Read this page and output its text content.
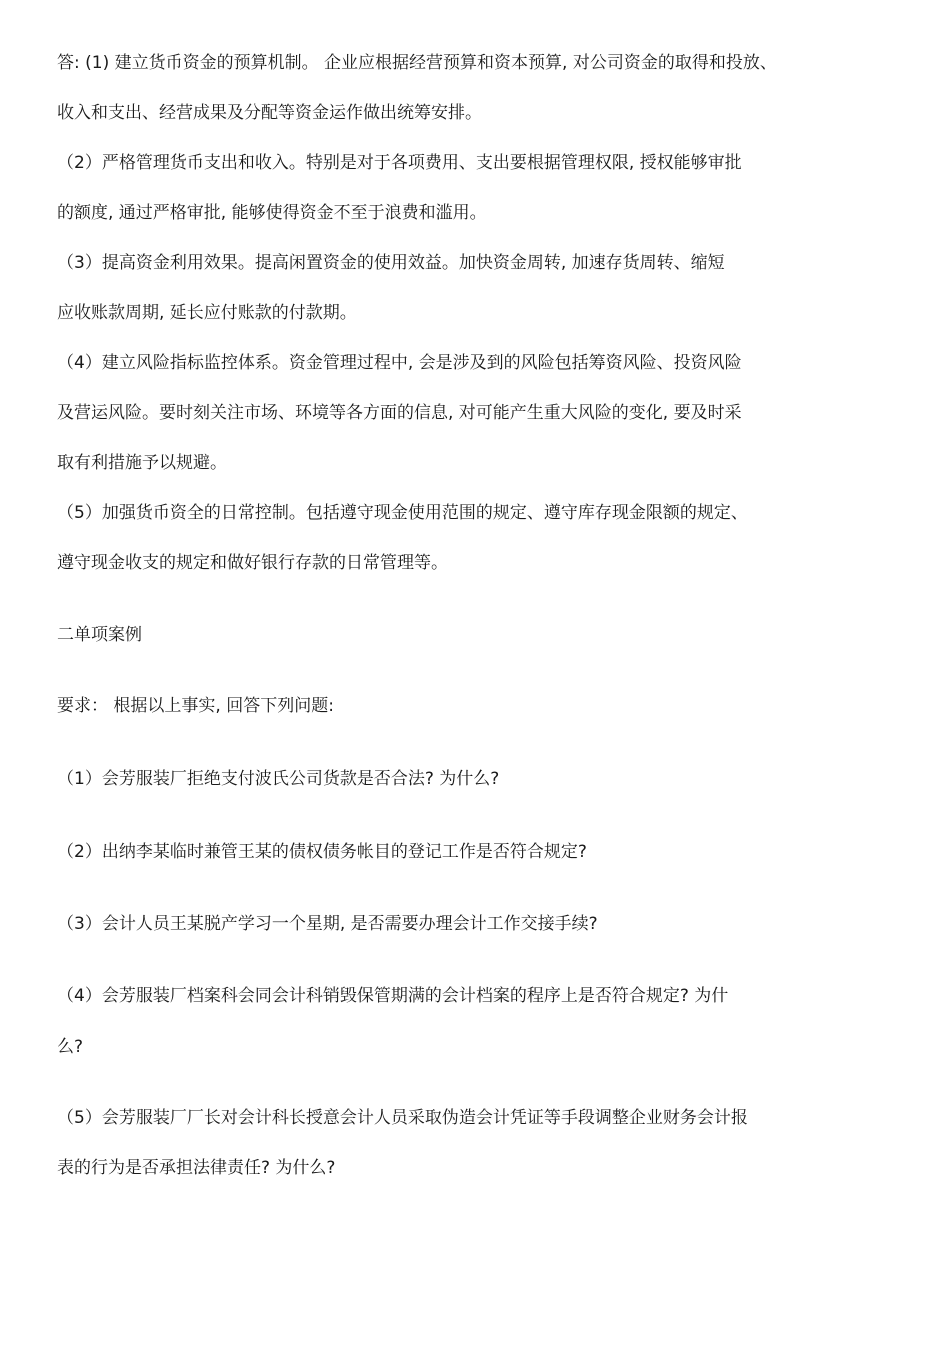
答: (1) 建立货币资金的预算机制。 企业应根据经营预算和资本预算, 对公司资金的取得和投放、
收入和支出、经营成果及分配等资金运作做出统筹安排。
（2）严格管理货币支出和收入。特别是对于各项费用、支出要根据管理权限, 授权能够审批
的额度, 通过严格审批, 能够使得资金不至于浪费和滥用。
（3）提高资金利用效果。提高闲置资金的使用效益。加快资金周转, 加速存货周转、缩短
应收账款周期, 延长应付账款的付款期。
（4）建立风险指标监控体系。资金管理过程中, 会是涉及到的风险包括筹资风险、投资风险
及营运风险。要时刻关注市场、环境等各方面的信息, 对可能产生重大风险的变化, 要及时采
取有利措施予以规避。
（5）加强货币资全的日常控制。包括遵守现金使用范围的规定、遵守库存现金限额的规定、
遵守现金收支的规定和做好银行存款的日常管理等。
二单项案例
要求： 根据以上事实, 回答下列问题:
（1）会芳服装厂拒绝支付波氏公司货款是否合法? 为什么?
（2）出纳李某临时兼管王某的债权债务帐目的登记工作是否符合规定?
（3）会计人员王某脱产学习一个星期, 是否需要办理会计工作交接手续?
（4）会芳服装厂档案科会同会计科销毁保管期满的会计档案的程序上是否符合规定? 为什
么?
（5）会芳服装厂厂长对会计科长授意会计人员采取伪造会计凭证等手段调整企业财务会计报
表的行为是否承担法律责任? 为什么?
